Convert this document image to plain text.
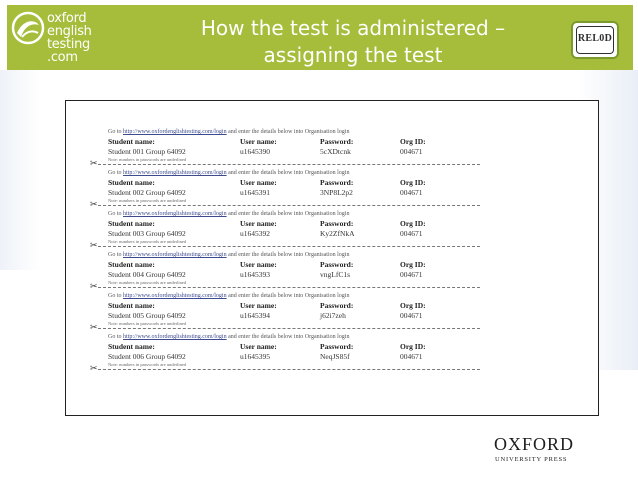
oxford
english
testing
.com
How the test is administered –
assigning the test
REL0D
Go to http://www.oxfordenglishtesting.com/login and enter the details below into Organisation login
Student name:	User name:	Password:	Org ID:
Student 001 Group 64092	u1645390	5cXDtcnk	004671
Note: numbers in passwords are underlined
✂
Go to http://www.oxfordenglishtesting.com/login and enter the details below into Organisation login
Student name:	User name:	Password:	Org ID:
Student 002 Group 64092	u1645391	3NP8L2p2	004671
Note: numbers in passwords are underlined
✂
Go to http://www.oxfordenglishtesting.com/login and enter the details below into Organisation login
Student name:	User name:	Password:	Org ID:
Student 003 Group 64092	u1645392	Ky2ZfNkA	004671
Note: numbers in passwords are underlined
✂
Go to http://www.oxfordenglishtesting.com/login and enter the details below into Organisation login
Student name:	User name:	Password:	Org ID:
Student 004 Group 64092	u1645393	vngLfC1s	004671
Note: numbers in passwords are underlined
✂
Go to http://www.oxfordenglishtesting.com/login and enter the details below into Organisation login
Student name:	User name:	Password:	Org ID:
Student 005 Group 64092	u1645394	j62i7zeh	004671
Note: numbers in passwords are underlined
✂
Go to http://www.oxfordenglishtesting.com/login and enter the details below into Organisation login
Student name:	User name:	Password:	Org ID:
Student 006 Group 64092	u1645395	NeqJS85f	004671
Note: numbers in passwords are underlined
✂
OXFORD
UNIVERSITY PRESS
